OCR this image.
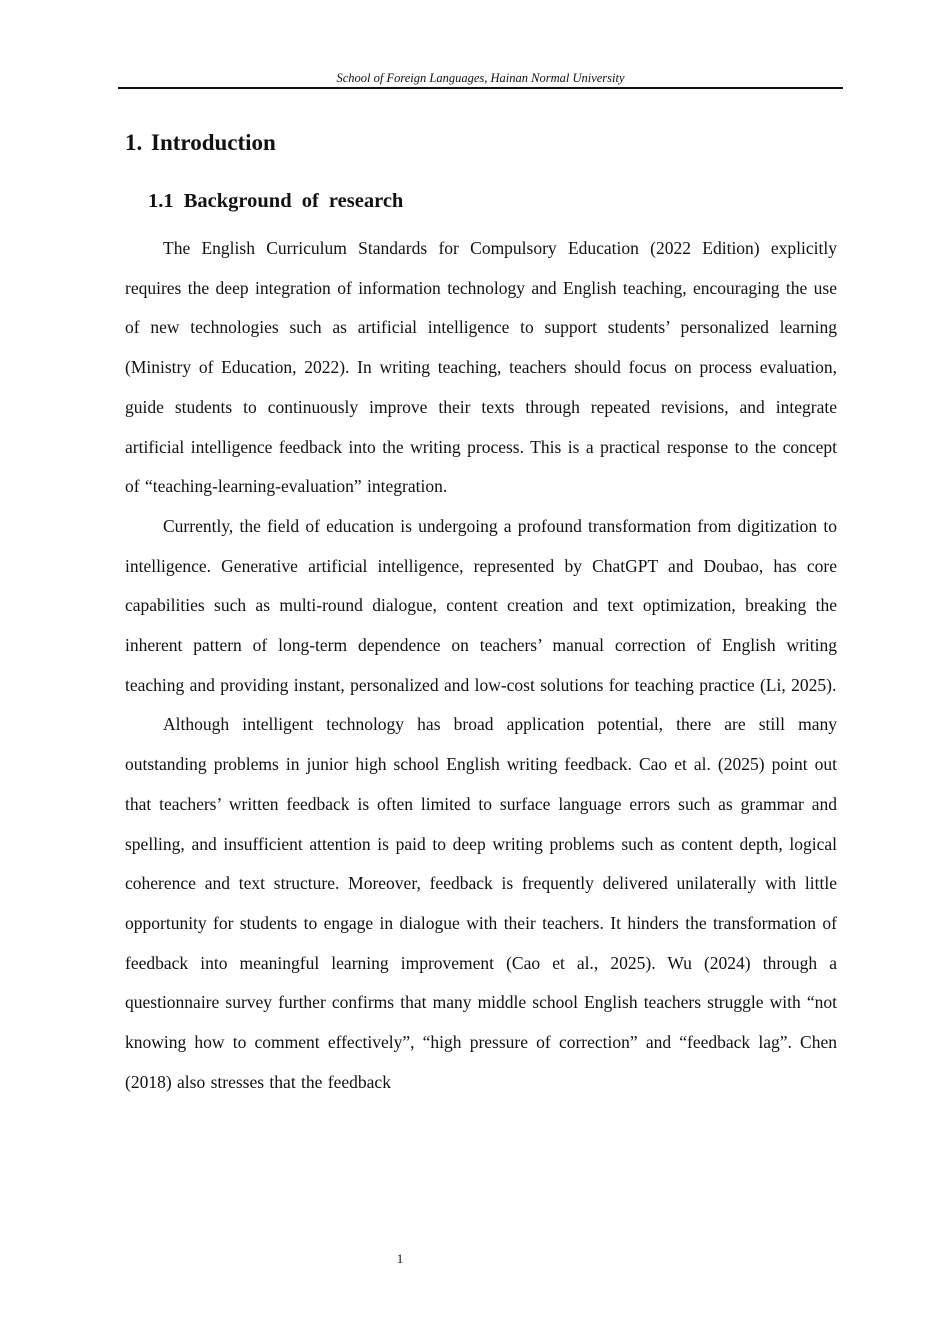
School of Foreign Languages, Hainan Normal University
1. Introduction
1.1 Background of research

The English Curriculum Standards for Compulsory Education (2022 Edition) explicitly requires the deep integration of information technology and English teaching, encouraging the use of new technologies such as artificial intelligence to support students’ personalized learning (Ministry of Education, 2022). In writing teaching, teachers should focus on process evaluation, guide students to continuously improve their texts through repeated revisions, and integrate artificial intelligence feedback into the writing process. This is a practical response to the concept of “teaching-learning-evaluation” integration.

Currently, the field of education is undergoing a profound transformation from digitization to intelligence. Generative artificial intelligence, represented by ChatGPT and Doubao, has core capabilities such as multi-round dialogue, content creation and text optimization, breaking the inherent pattern of long-term dependence on teachers’ manual correction of English writing teaching and providing instant, personalized and low-cost solutions for teaching practice (Li, 2025).

Although intelligent technology has broad application potential, there are still many outstanding problems in junior high school English writing feedback. Cao et al. (2025) point out that teachers’ written feedback is often limited to surface language errors such as grammar and spelling, and insufficient attention is paid to deep writing problems such as content depth, logical coherence and text structure. Moreover, feedback is frequently delivered unilaterally with little opportunity for students to engage in dialogue with their teachers. It hinders the transformation of feedback into meaningful learning improvement (Cao et al., 2025). Wu (2024) through a questionnaire survey further confirms that many middle school English teachers struggle with “not knowing how to comment effectively”, “high pressure of correction” and “feedback lag”. Chen (2018) also stresses that the feedback

1
